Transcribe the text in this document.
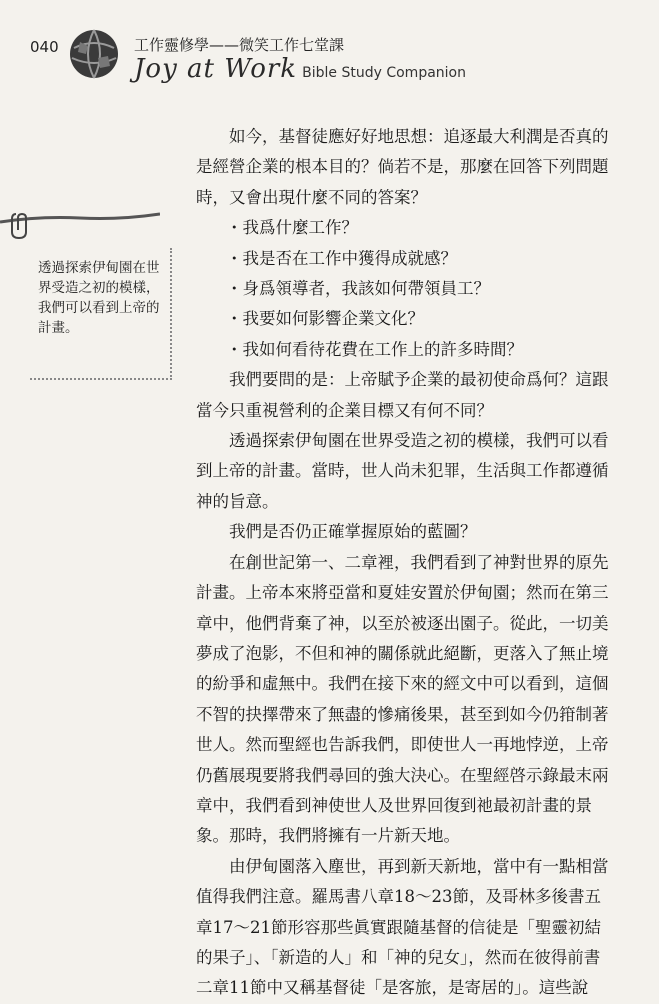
040	工作靈修學——微笑工作七堂課
Joy at Work Bible Study Companion
透過探索伊甸園在世界受造之初的模樣，我們可以看到上帝的計畫。

如今，基督徒應好好地思想：追逐最大利潤是否真的是經營企業的根本目的？倘若不是，那麼在回答下列問題時，又會出現什麼不同的答案？

・ 我爲什麼工作？
・ 我是否在工作中獲得成就感？
・ 身爲領導者，我該如何帶領員工？
・ 我要如何影響企業文化？
・ 我如何看待花費在工作上的許多時間？

我們要問的是：上帝賦予企業的最初使命爲何？這跟當今只重視營利的企業目標又有何不同？

透過探索伊甸園在世界受造之初的模樣，我們可以看到上帝的計畫。當時，世人尚未犯罪，生活與工作都遵循神的旨意。

我們是否仍正確掌握原始的藍圖？

在創世記第一、二章裡，我們看到了神對世界的原先計畫。上帝本來將亞當和夏娃安置於伊甸園；然而在第三章中，他們背棄了神，以至於被逐出園子。從此，一切美夢成了泡影，不但和神的關係就此絕斷，更落入了無止境的紛爭和虛無中。我們在接下來的經文中可以看到，這個不智的抉擇帶來了無盡的慘痛後果，甚至到如今仍箝制著世人。然而聖經也告訴我們，即使世人一再地悖逆，上帝仍舊展現要將我們尋回的強大決心。在聖經啓示錄最末兩章中，我們看到神使世人及世界回復到祂最初計畫的景象。那時，我們將擁有一片新天地。

由伊甸園落入塵世，再到新天新地，當中有一點相當值得我們注意。羅馬書八章18～23節，及哥林多後書五章17～21節形容那些眞實跟隨基督的信徒是「聖靈初結的果子」、「新造的人」和「神的兒女」，然而在彼得前書二章11節中又稱基督徒「是客旅，是寄居的」。這些說
